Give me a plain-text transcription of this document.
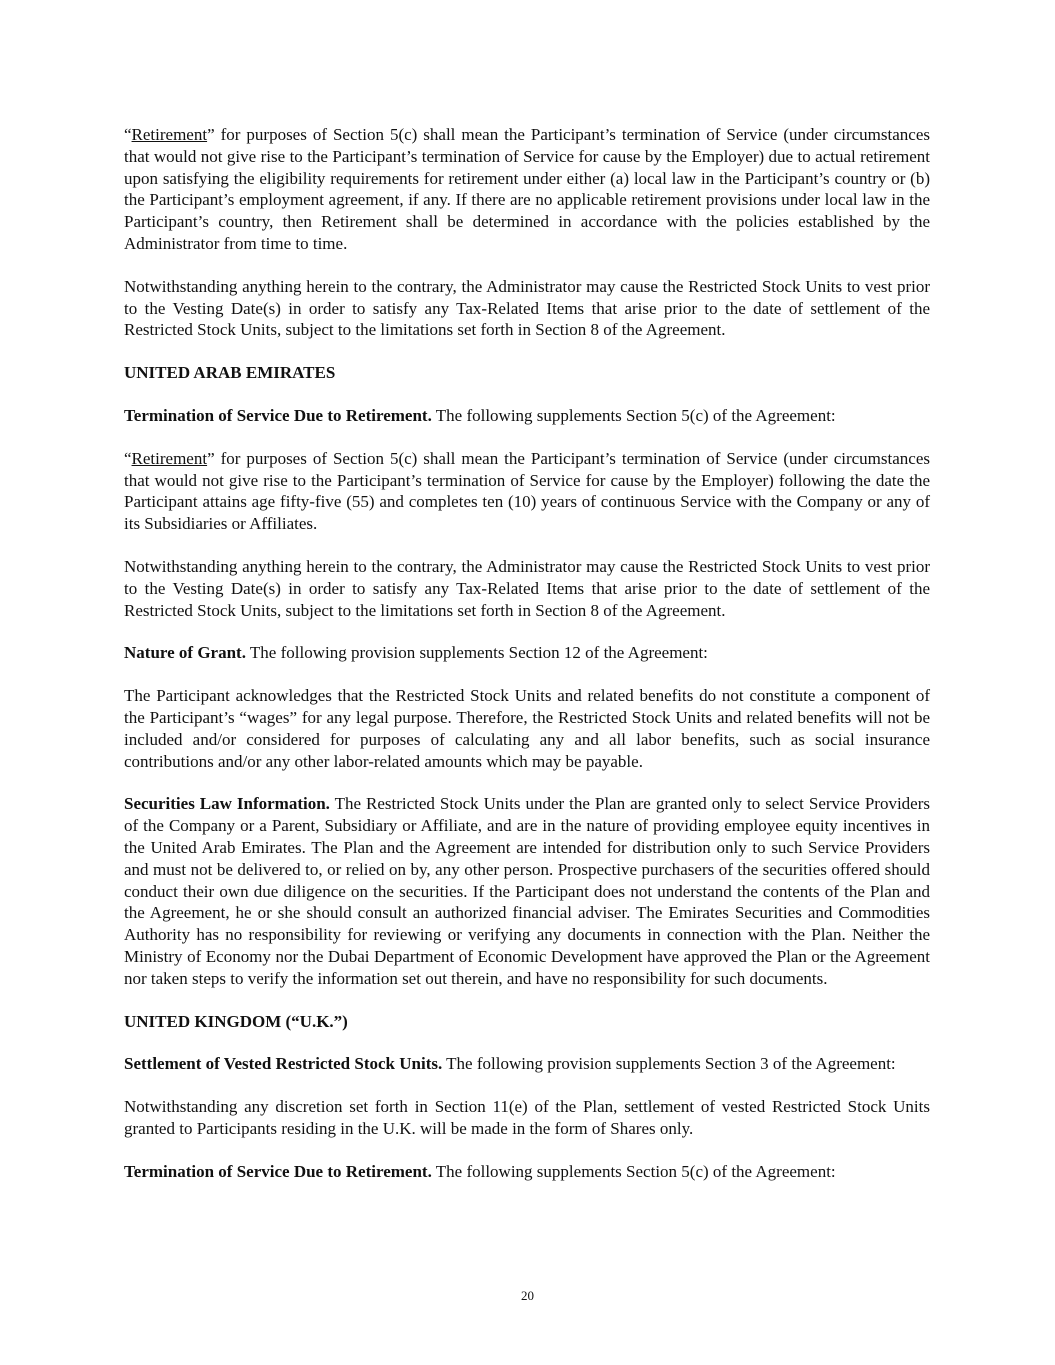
“Retirement” for purposes of Section 5(c) shall mean the Participant’s termination of Service (under circumstances that would not give rise to the Participant’s termination of Service for cause by the Employer) due to actual retirement upon satisfying the eligibility requirements for retirement under either (a) local law in the Participant’s country or (b) the Participant’s employment agreement, if any. If there are no applicable retirement provisions under local law in the Participant’s country, then Retirement shall be determined in accordance with the policies established by the Administrator from time to time.

Notwithstanding anything herein to the contrary, the Administrator may cause the Restricted Stock Units to vest prior to the Vesting Date(s) in order to satisfy any Tax-Related Items that arise prior to the date of settlement of the Restricted Stock Units, subject to the limitations set forth in Section 8 of the Agreement.

UNITED ARAB EMIRATES

Termination of Service Due to Retirement. The following supplements Section 5(c) of the Agreement:

“Retirement” for purposes of Section 5(c) shall mean the Participant’s termination of Service (under circumstances that would not give rise to the Participant’s termination of Service for cause by the Employer) following the date the Participant attains age fifty-five (55) and completes ten (10) years of continuous Service with the Company or any of its Subsidiaries or Affiliates.

Notwithstanding anything herein to the contrary, the Administrator may cause the Restricted Stock Units to vest prior to the Vesting Date(s) in order to satisfy any Tax-Related Items that arise prior to the date of settlement of the Restricted Stock Units, subject to the limitations set forth in Section 8 of the Agreement.

Nature of Grant. The following provision supplements Section 12 of the Agreement:

The Participant acknowledges that the Restricted Stock Units and related benefits do not constitute a component of the Participant’s “wages” for any legal purpose. Therefore, the Restricted Stock Units and related benefits will not be included and/or considered for purposes of calculating any and all labor benefits, such as social insurance contributions and/or any other labor-related amounts which may be payable.

Securities Law Information. The Restricted Stock Units under the Plan are granted only to select Service Providers of the Company or a Parent, Subsidiary or Affiliate, and are in the nature of providing employee equity incentives in the United Arab Emirates. The Plan and the Agreement are intended for distribution only to such Service Providers and must not be delivered to, or relied on by, any other person. Prospective purchasers of the securities offered should conduct their own due diligence on the securities. If the Participant does not understand the contents of the Plan and the Agreement, he or she should consult an authorized financial adviser. The Emirates Securities and Commodities Authority has no responsibility for reviewing or verifying any documents in connection with the Plan. Neither the Ministry of Economy nor the Dubai Department of Economic Development have approved the Plan or the Agreement nor taken steps to verify the information set out therein, and have no responsibility for such documents.

UNITED KINGDOM (“U.K.”)

Settlement of Vested Restricted Stock Units. The following provision supplements Section 3 of the Agreement:

Notwithstanding any discretion set forth in Section 11(e) of the Plan, settlement of vested Restricted Stock Units granted to Participants residing in the U.K. will be made in the form of Shares only.

Termination of Service Due to Retirement. The following supplements Section 5(c) of the Agreement:

20
